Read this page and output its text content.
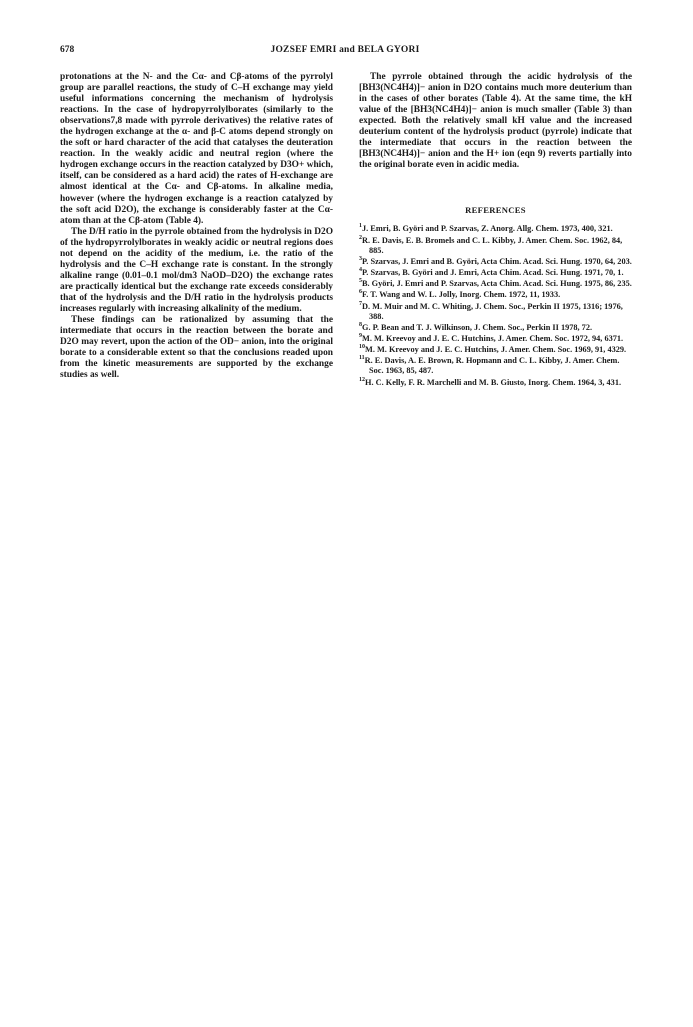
678	JOZSEF EMRI and BELA GYORI

protonations at the N- and the Cα- and Cβ-atoms of the pyrrolyl group are parallel reactions, the study of C–H exchange may yield useful informations concerning the mechanism of hydrolysis reactions. In the case of hydropyrrolylborates (similarly to the observations7,8 made with pyrrole derivatives) the relative rates of the hydrogen exchange at the α- and β-C atoms depend strongly on the soft or hard character of the acid that catalyses the deuteration reaction. In the weakly acidic and neutral region (where the hydrogen exchange occurs in the reaction catalyzed by D3O+ which, itself, can be considered as a hard acid) the rates of H-exchange are almost identical at the Cα- and Cβ-atoms. In alkaline media, however (where the hydrogen exchange is a reaction catalyzed by the soft acid D2O), the exchange is considerably faster at the Cα-atom than at the Cβ-atom (Table 4).

The D/H ratio in the pyrrole obtained from the hydrolysis in D2O of the hydropyrrolylborates in weakly acidic or neutral regions does not depend on the acidity of the medium, i.e. the ratio of the hydrolysis and the C–H exchange rate is constant. In the strongly alkaline range (0.01–0.1 mol/dm3 NaOD–D2O) the exchange rates are practically identical but the exchange rate exceeds considerably that of the hydrolysis and the D/H ratio in the hydrolysis products increases regularly with increasing alkalinity of the medium.

These findings can be rationalized by assuming that the intermediate that occurs in the reaction between the borate and D2O may revert, upon the action of the OD− anion, into the original borate to a considerable extent so that the conclusions readed upon from the kinetic measurements are supported by the exchange studies as well.

The pyrrole obtained through the acidic hydrolysis of the [BH3(NC4H4)]− anion in D2O contains much more deuterium than in the cases of other borates (Table 4). At the same time, the kH value of the [BH3(NC4H4)]− anion is much smaller (Table 3) than expected. Both the relatively small kH value and the increased deuterium content of the hydrolysis product (pyrrole) indicate that the intermediate that occurs in the reaction between the [BH3(NC4H4)]− anion and the H+ ion (eqn 9) reverts partially into the original borate even in acidic media.

REFERENCES
$^1$J. Emri, B. Györi and P. Szarvas, Z. Anorg. Allg. Chem. 1973, 400, 321.
$^2$R. E. Davis, E. B. Bromels and C. L. Kibby, J. Amer. Chem. Soc. 1962, 84, 885.
$^3$P. Szarvas, J. Emri and B. Györi, Acta Chim. Acad. Sci. Hung. 1970, 64, 203.
$^4$P. Szarvas, B. Györi and J. Emri, Acta Chim. Acad. Sci. Hung. 1971, 70, 1.
$^5$B. Györi, J. Emri and P. Szarvas, Acta Chim. Acad. Sci. Hung. 1975, 86, 235.
$^6$F. T. Wang and W. L. Jolly, Inorg. Chem. 1972, 11, 1933.
$^7$D. M. Muir and M. C. Whiting, J. Chem. Soc., Perkin II 1975, 1316; 1976, 388.
$^8$G. P. Bean and T. J. Wilkinson, J. Chem. Soc., Perkin II 1978, 72.
$^9$M. M. Kreevoy and J. E. C. Hutchins, J. Amer. Chem. Soc. 1972, 94, 6371.
$^{10}$M. M. Kreevoy and J. E. C. Hutchins, J. Amer. Chem. Soc. 1969, 91, 4329.
$^{11}$R. E. Davis, A. E. Brown, R. Hopmann and C. L. Kibby, J. Amer. Chem. Soc. 1963, 85, 487.
$^{12}$H. C. Kelly, F. R. Marchelli and M. B. Giusto, Inorg. Chem. 1964, 3, 431.
